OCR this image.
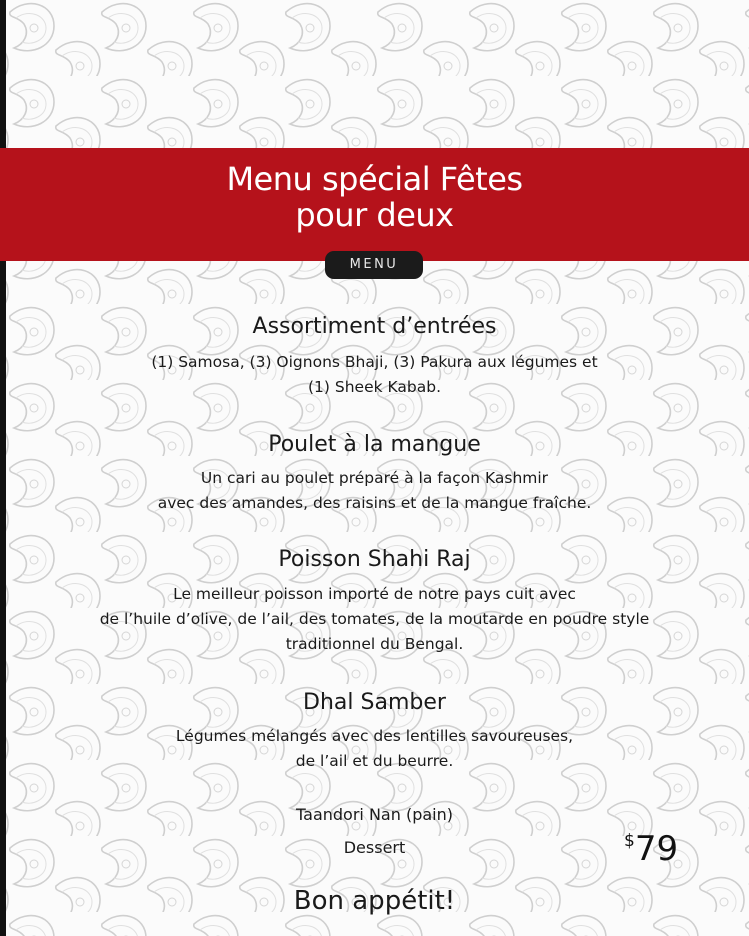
Menu spécial Fêtes
pour deux
MENU
Assortiment d’entrées
(1) Samosa, (3) Oignons Bhaji, (3) Pakura aux légumes et
(1) Sheek Kabab.
Poulet à la mangue
Un cari au poulet préparé à la façon Kashmir
avec des amandes, des raisins et de la mangue fraîche.
Poisson Shahi Raj
Le meilleur poisson importé de notre pays cuit avec
de l’huile d’olive, de l’ail, des tomates, de la moutarde en poudre style
traditionnel du Bengal.
Dhal Samber
Légumes mélangés avec des lentilles savoureuses,
de l’ail et du beurre.
Taandori Nan (pain)
Dessert	$79
Bon appétit!
